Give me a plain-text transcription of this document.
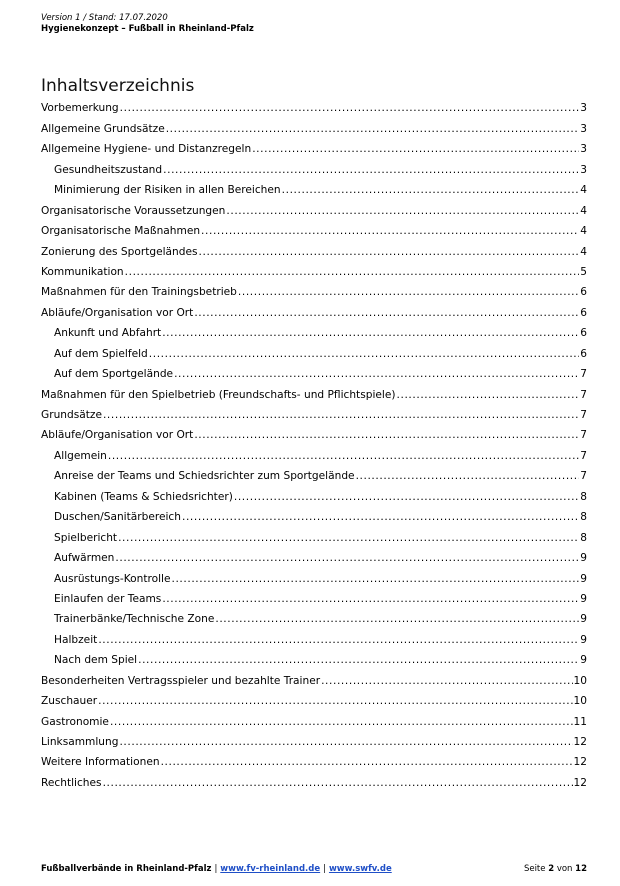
Version 1 / Stand: 17.07.2020
Hygienekonzept – Fußball in Rheinland-Pfalz
Inhaltsverzeichnis
Vorbemerkung .....	3
Allgemeine Grundsätze .....	3
Allgemeine Hygiene- und Distanzregeln .....	3
Gesundheitszustand .....	3
Minimierung der Risiken in allen Bereichen .....	4
Organisatorische Voraussetzungen .....	4
Organisatorische Maßnahmen .....	4
Zonierung des Sportgeländes .....	4
Kommunikation .....	5
Maßnahmen für den Trainingsbetrieb .....	6
Abläufe/Organisation vor Ort .....	6
Ankunft und Abfahrt .....	6
Auf dem Spielfeld .....	6
Auf dem Sportgelände .....	7
Maßnahmen für den Spielbetrieb (Freundschafts- und Pflichtspiele) .....	7
Grundsätze .....	7
Abläufe/Organisation vor Ort .....	7
Allgemein .....	7
Anreise der Teams und Schiedsrichter zum Sportgelände .....	7
Kabinen (Teams & Schiedsrichter) .....	8
Duschen/Sanitärbereich .....	8
Spielbericht .....	8
Aufwärmen .....	9
Ausrüstungs-Kontrolle .....	9
Einlaufen der Teams .....	9
Trainerbänke/Technische Zone .....	9
Halbzeit .....	9
Nach dem Spiel .....	9
Besonderheiten Vertragsspieler und bezahlte Trainer .....	10
Zuschauer .....	10
Gastronomie .....	11
Linksammlung .....	12
Weitere Informationen .....	12
Rechtliches .....	12
Fußballverbände in Rheinland-Pfalz | www.fv-rheinland.de | www.swfv.de	Seite 2 von 12
